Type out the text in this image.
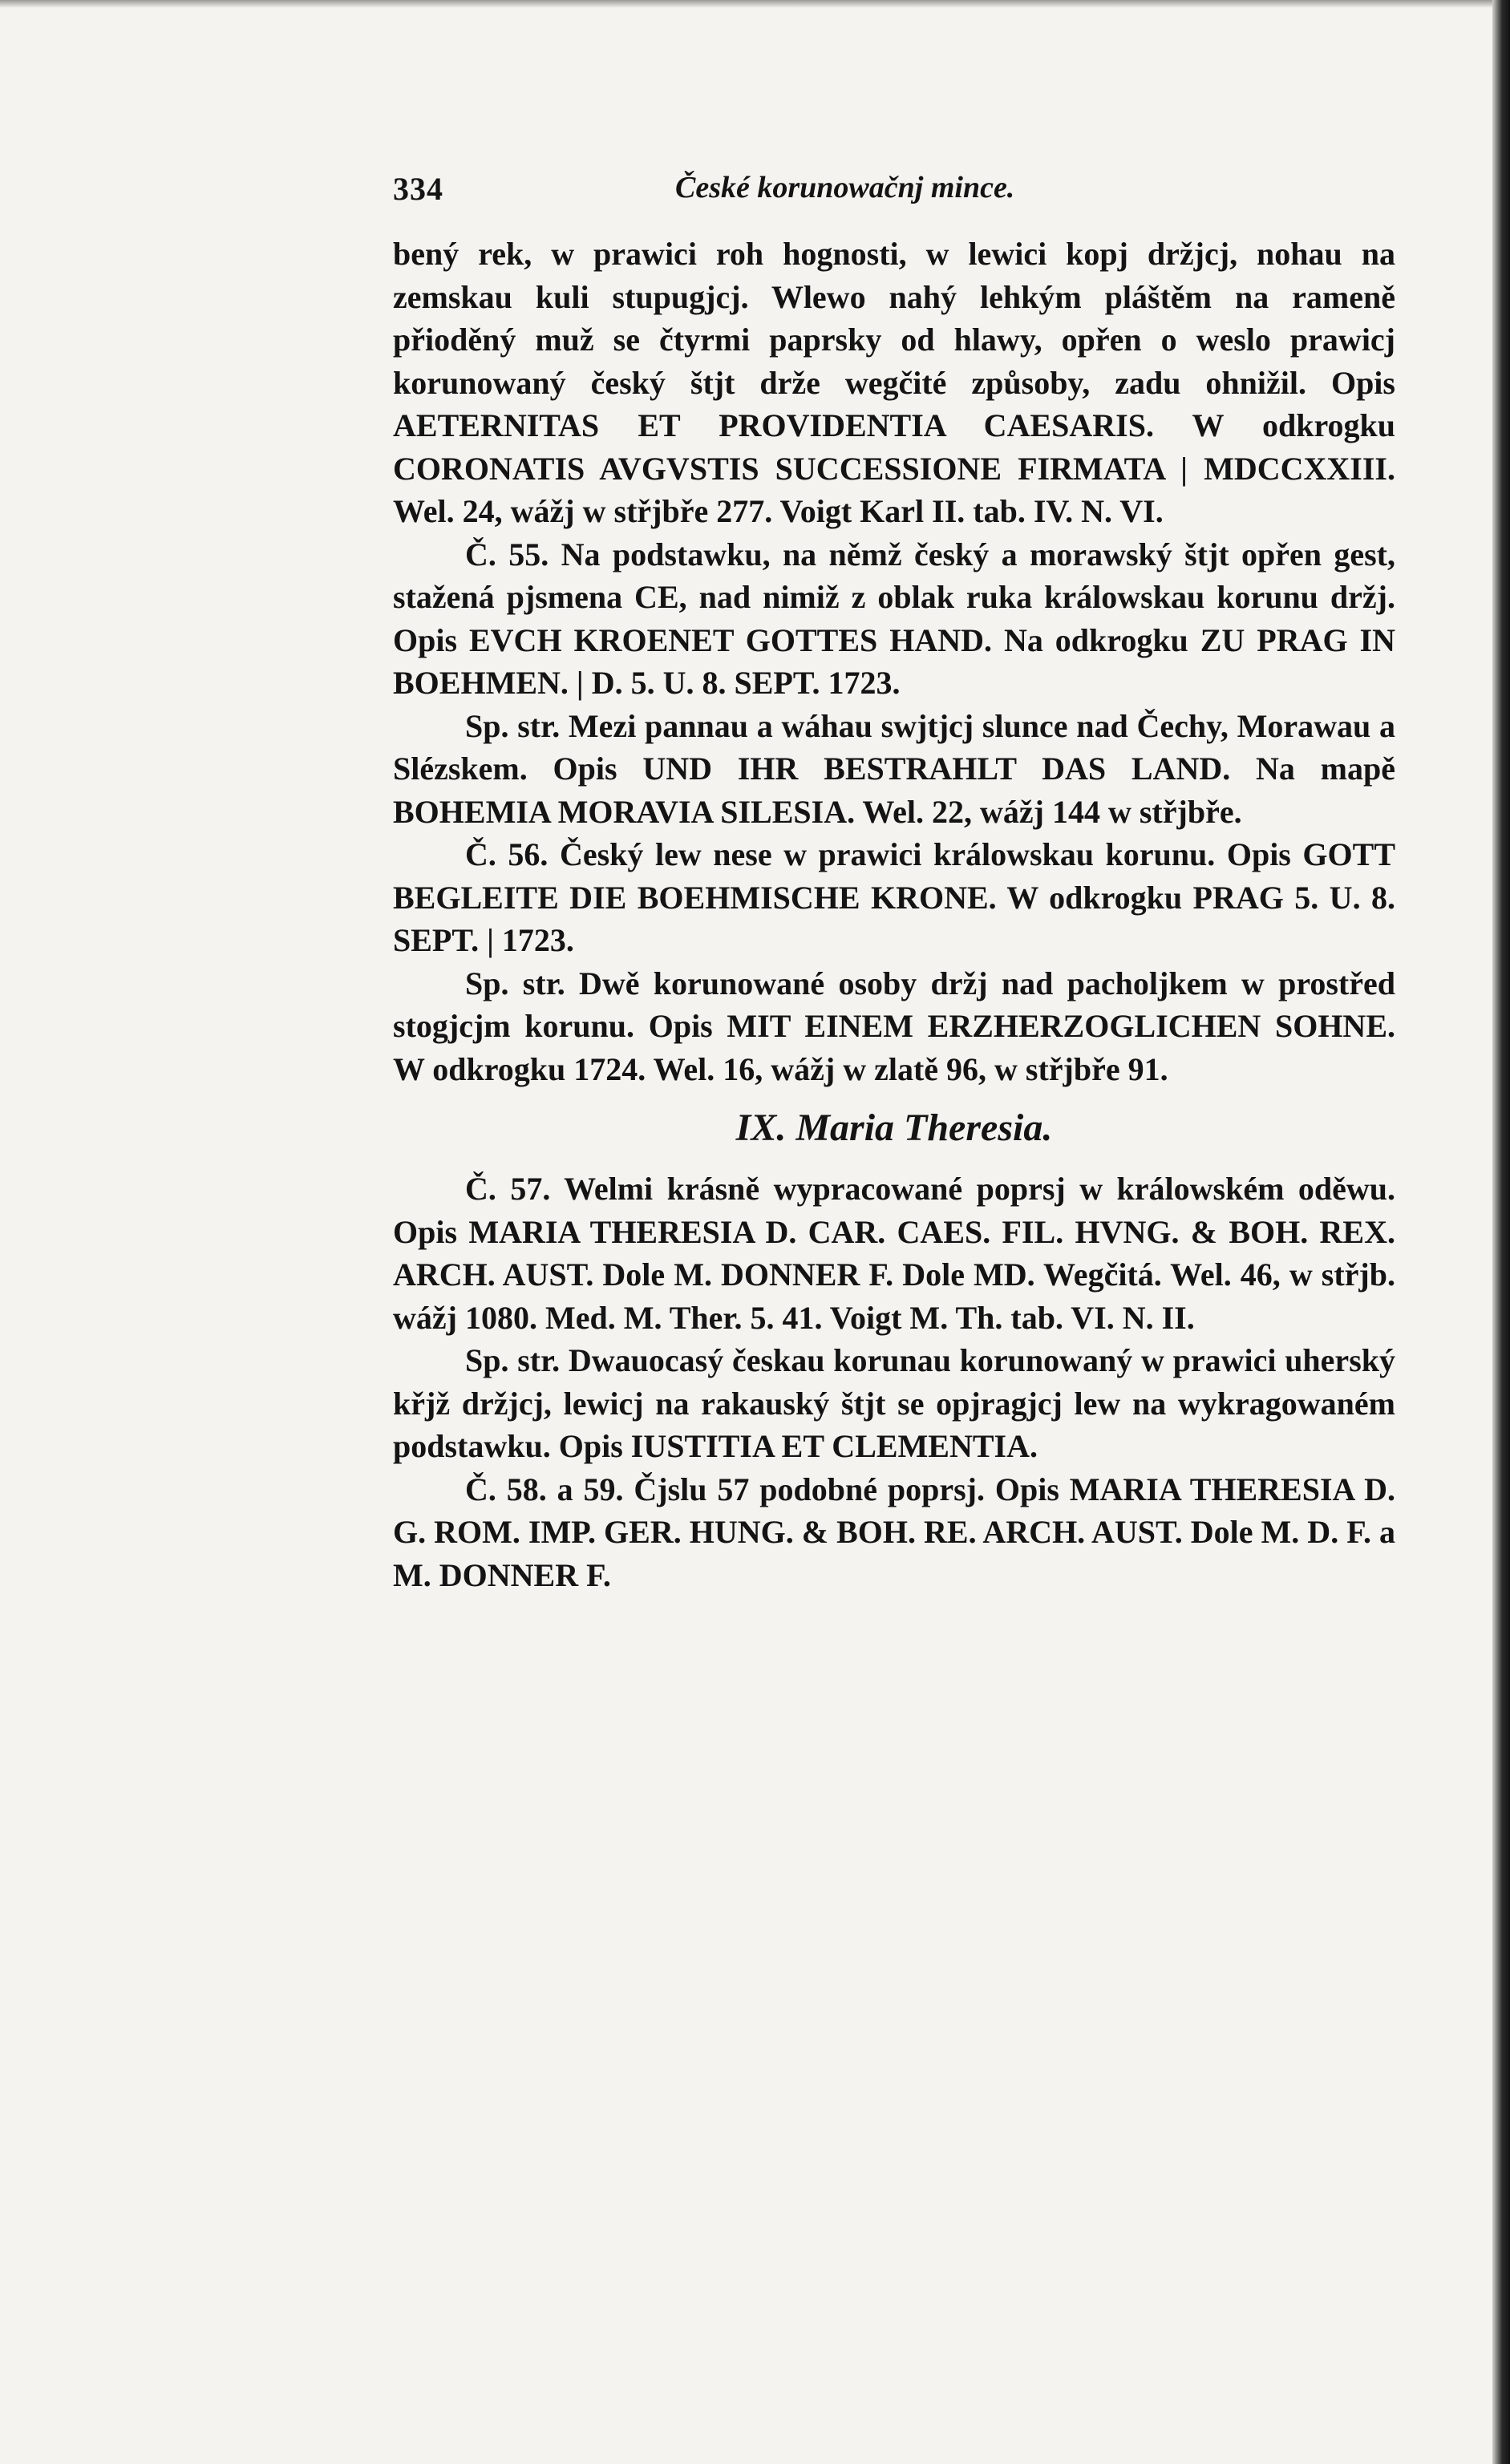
334	České korunowačnj mince.

bený rek, w prawici roh hognosti, w lewici kopj držjcj, nohau na zemskau kuli stupugjcj. Wlewo nahý lehkým pláštěm na rameně přioděný muž se čtyrmi paprsky od hlawy, opřen o weslo prawicj korunowaný český štjt drže wegčité způsoby, zadu ohnižil. Opis AETERNITAS ET PROVIDENTIA CAESARIS. W odkrogku CORONATIS AVGVSTIS SUCCESSIONE FIRMATA | MDCCXXIII. Wel. 24, wážj w střjbře 277. Voigt Karl II. tab. IV. N. VI.

Č. 55. Na podstawku, na němž český a morawský štjt opřen gest, stažená pjsmena CE, nad nimiž z oblak ruka králowskau korunu držj. Opis EVCH KROENET GOTTES HAND. Na odkrogku ZU PRAG IN BOEHMEN. | D. 5. U. 8. SEPT. 1723.

Sp. str. Mezi pannau a wáhau swjtjcj slunce nad Čechy, Morawau a Slézskem. Opis UND IHR BESTRAHLT DAS LAND. Na mapě BOHEMIA MORAVIA SILESIA. Wel. 22, wážj 144 w střjbře.

Č. 56. Český lew nese w prawici králowskau korunu. Opis GOTT BEGLEITE DIE BOEHMISCHE KRONE. W odkrogku PRAG 5. U. 8. SEPT. | 1723.

Sp. str. Dwě korunowané osoby držj nad pacholjkem w prostřed stogjcjm korunu. Opis MIT EINEM ERZHERZOGLICHEN SOHNE. W odkrogku 1724. Wel. 16, wážj w zlatě 96, w střjbře 91.

IX. Maria Theresia.

Č. 57. Welmi krásně wypracowané poprsj w králowském oděwu. Opis MARIA THERESIA D. CAR. CAES. FIL. HVNG. & BOH. REX. ARCH. AUST. Dole M. DONNER F. Dole MD. Wegčitá. Wel. 46, w střjb. wážj 1080. Med. M. Ther. 5. 41. Voigt M. Th. tab. VI. N. II.

Sp. str. Dwauocasý českau korunau korunowaný w prawici uherský křjž držjcj, lewicj na rakauský štjt se opjragjcj lew na wykragowaném podstawku. Opis IUSTITIA ET CLEMENTIA.

Č. 58. a 59. Čjslu 57 podobné poprsj. Opis MARIA THERESIA D. G. ROM. IMP. GER. HUNG. & BOH. RE. ARCH. AUST. Dole M. D. F. a M. DONNER F.
